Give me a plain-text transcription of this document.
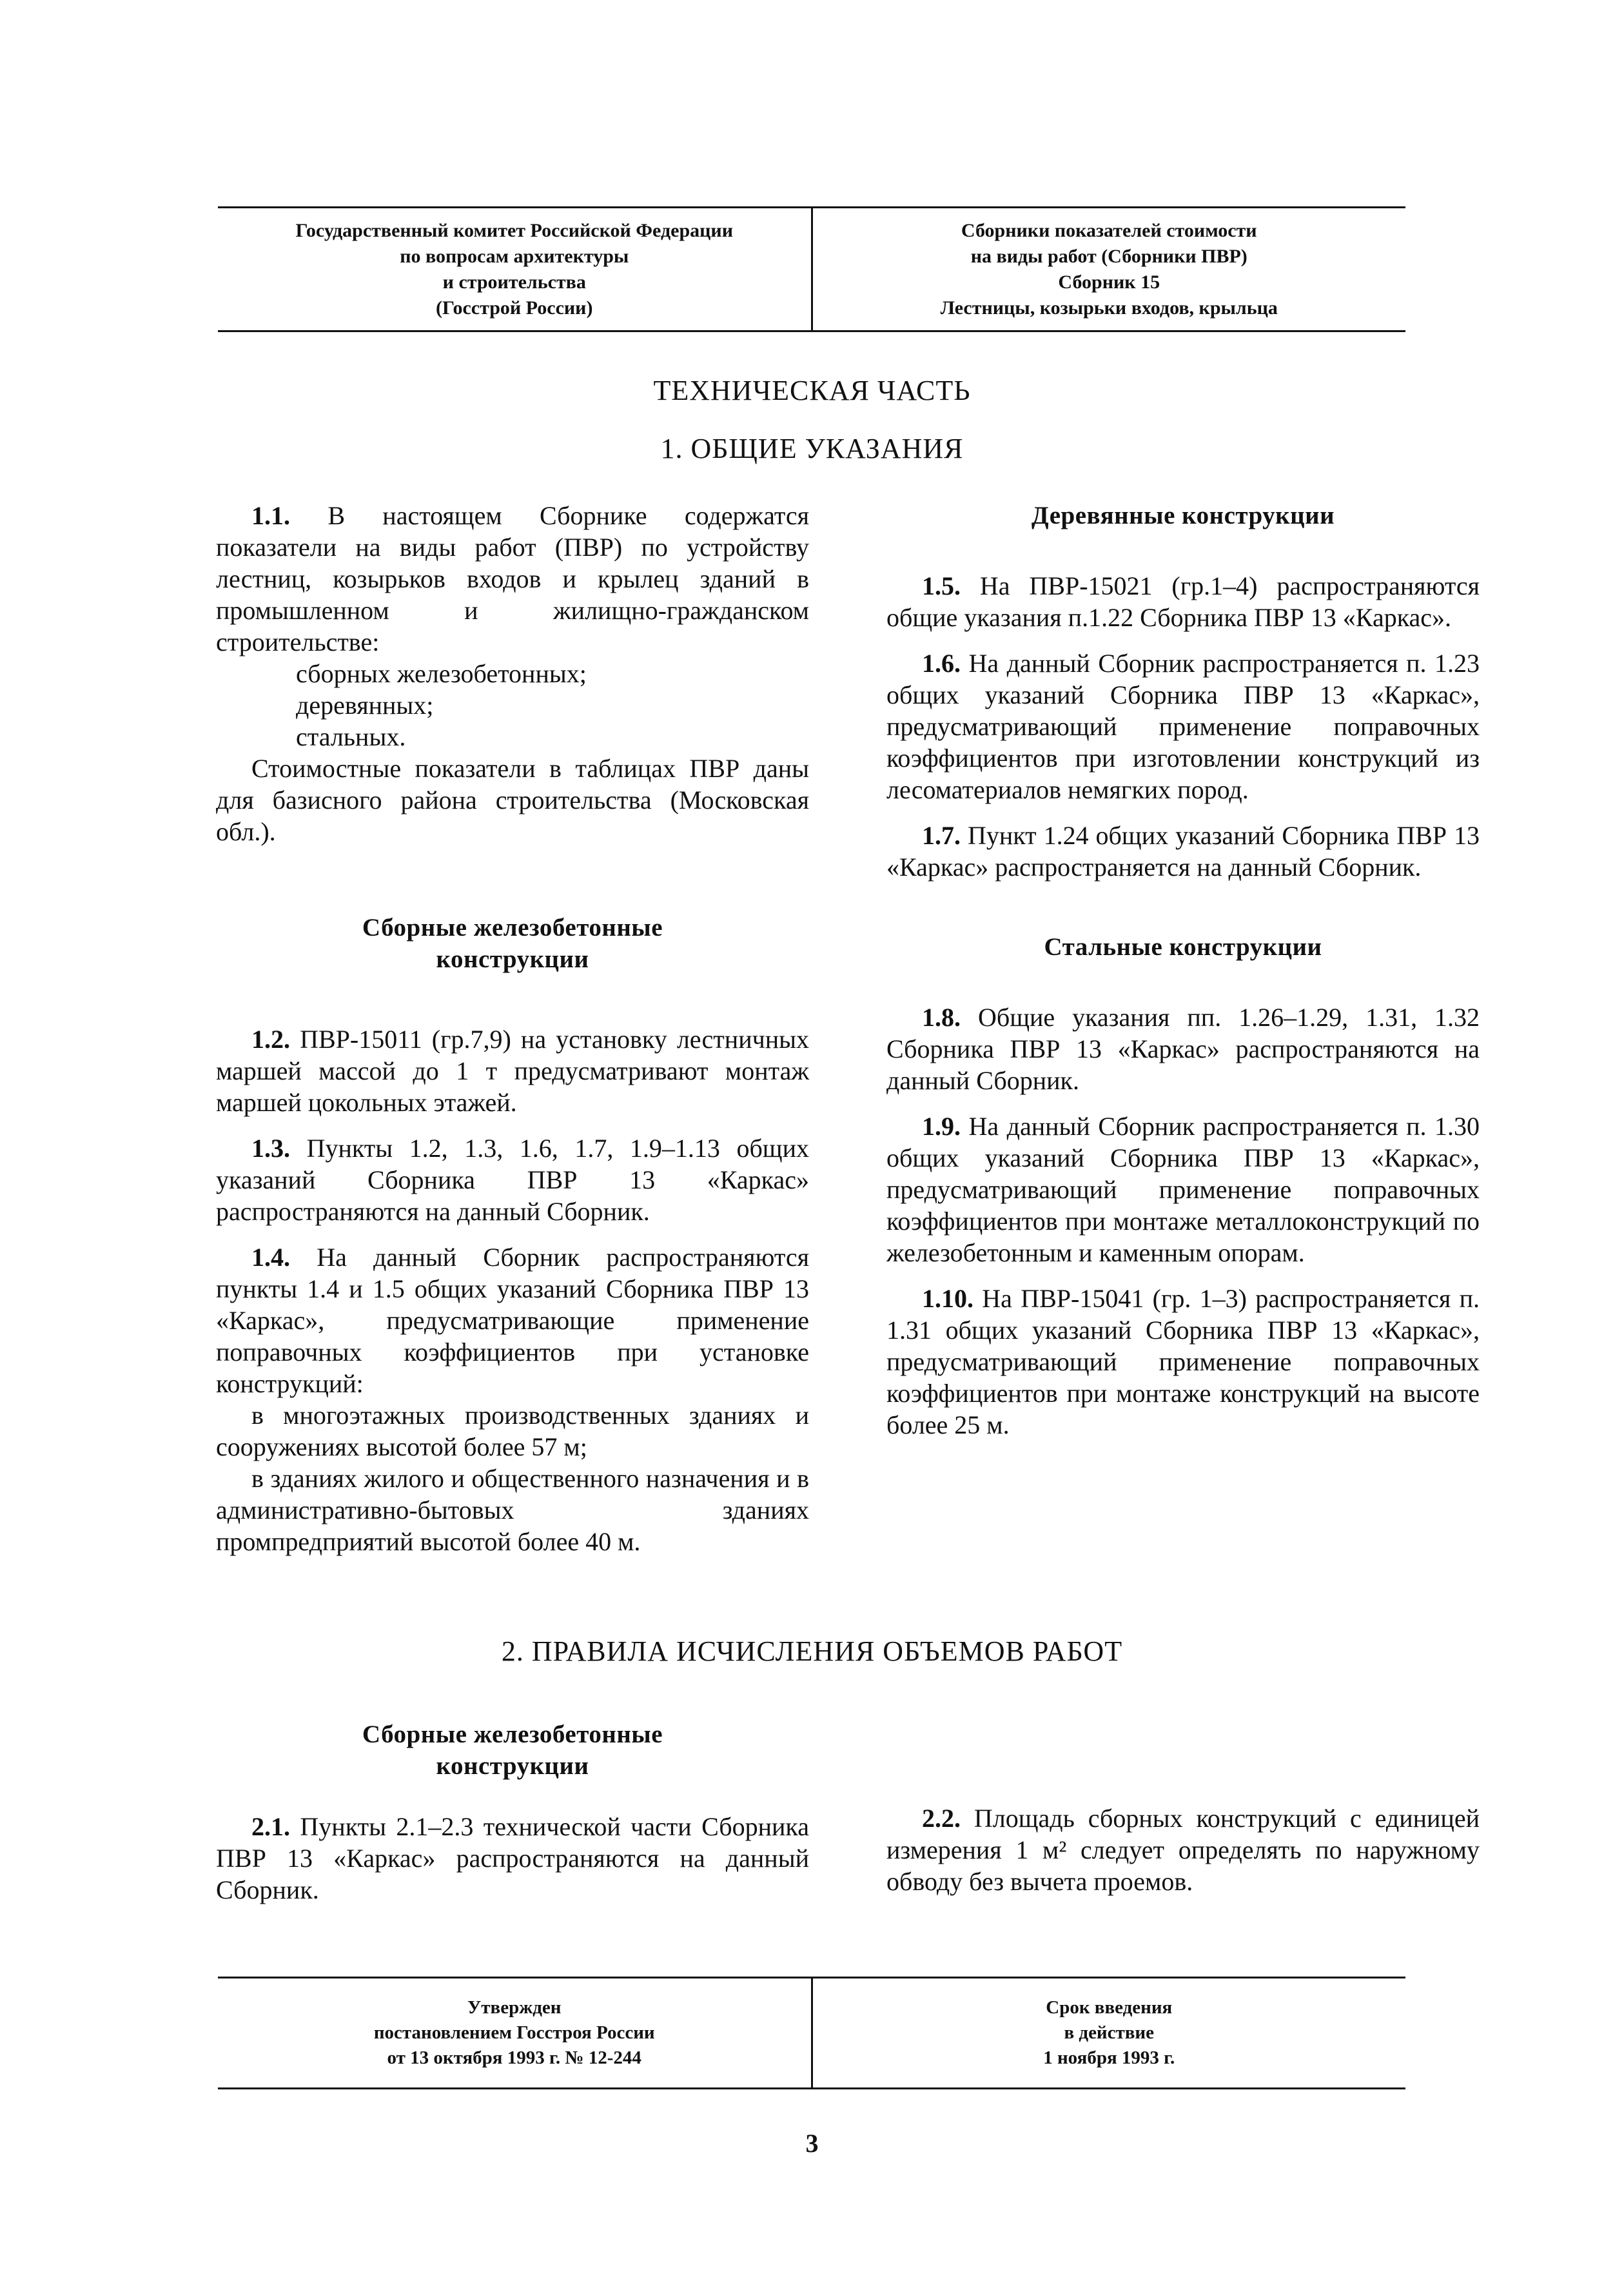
Государственный комитет Российской Федерации
по вопросам архитектуры
и строительства
(Госстрой России)

Сборники показателей стоимости
на виды работ (Сборники ПВР)
Сборник 15
Лестницы, козырьки входов, крыльца
ТЕХНИЧЕСКАЯ ЧАСТЬ
1. ОБЩИЕ УКАЗАНИЯ

1.1. В настоящем Сборнике содержатся показатели на виды работ (ПВР) по устройству лестниц, козырьков входов и крылец зданий в промышленном и жилищно-гражданском строительстве:

сборных железобетонных;

деревянных;

стальных.

Стоимостные показатели в таблицах ПВР даны для базисного района строительства (Московская обл.).

Сборные железобетонные конструкции

1.2. ПВР-15011 (гр.7,9) на установку лестничных маршей массой до 1 т предусматривают монтаж маршей цокольных этажей.

1.3. Пункты 1.2, 1.3, 1.6, 1.7, 1.9–1.13 общих указаний Сборника ПВР 13 «Каркас» распространяются на данный Сборник.

1.4. На данный Сборник распространяются пункты 1.4 и 1.5 общих указаний Сборника ПВР 13 «Каркас», предусматривающие применение поправочных коэффициентов при установке конструкций:

в многоэтажных производственных зданиях и сооружениях высотой более 57 м;

в зданиях жилого и общественного назначения и в административно-бытовых зданиях промпредприятий высотой более 40 м.

Деревянные конструкции

1.5. На ПВР-15021 (гр.1–4) распространяются общие указания п.1.22 Сборника ПВР 13 «Каркас».

1.6. На данный Сборник распространяется п. 1.23 общих указаний Сборника ПВР 13 «Каркас», предусматривающий применение поправочных коэффициентов при изготовлении конструкций из лесоматериалов немягких пород.

1.7. Пункт 1.24 общих указаний Сборника ПВР 13 «Каркас» распространяется на данный Сборник.

Стальные конструкции

1.8. Общие указания пп. 1.26–1.29, 1.31, 1.32 Сборника ПВР 13 «Каркас» распространяются на данный Сборник.

1.9. На данный Сборник распространяется п. 1.30 общих указаний Сборника ПВР 13 «Каркас», предусматривающий применение поправочных коэффициентов при монтаже металлоконструкций по железобетонным и каменным опорам.

1.10. На ПВР-15041 (гр. 1–3) распространяется п. 1.31 общих указаний Сборника ПВР 13 «Каркас», предусматривающий применение поправочных коэффициентов при монтаже конструкций на высоте более 25 м.

2. ПРАВИЛА ИСЧИСЛЕНИЯ ОБЪЕМОВ РАБОТ
Сборные железобетонные конструкции

2.1. Пункты 2.1–2.3 технической части Сборника ПВР 13 «Каркас» распространяются на данный Сборник.

2.2. Площадь сборных конструкций с единицей измерения 1 м² следует определять по наружному обводу без вычета проемов.

Утвержден
постановлением Госстроя России
от 13 октября 1993 г. № 12-244

Срок введения
в действие
1 ноября 1993 г.
3
